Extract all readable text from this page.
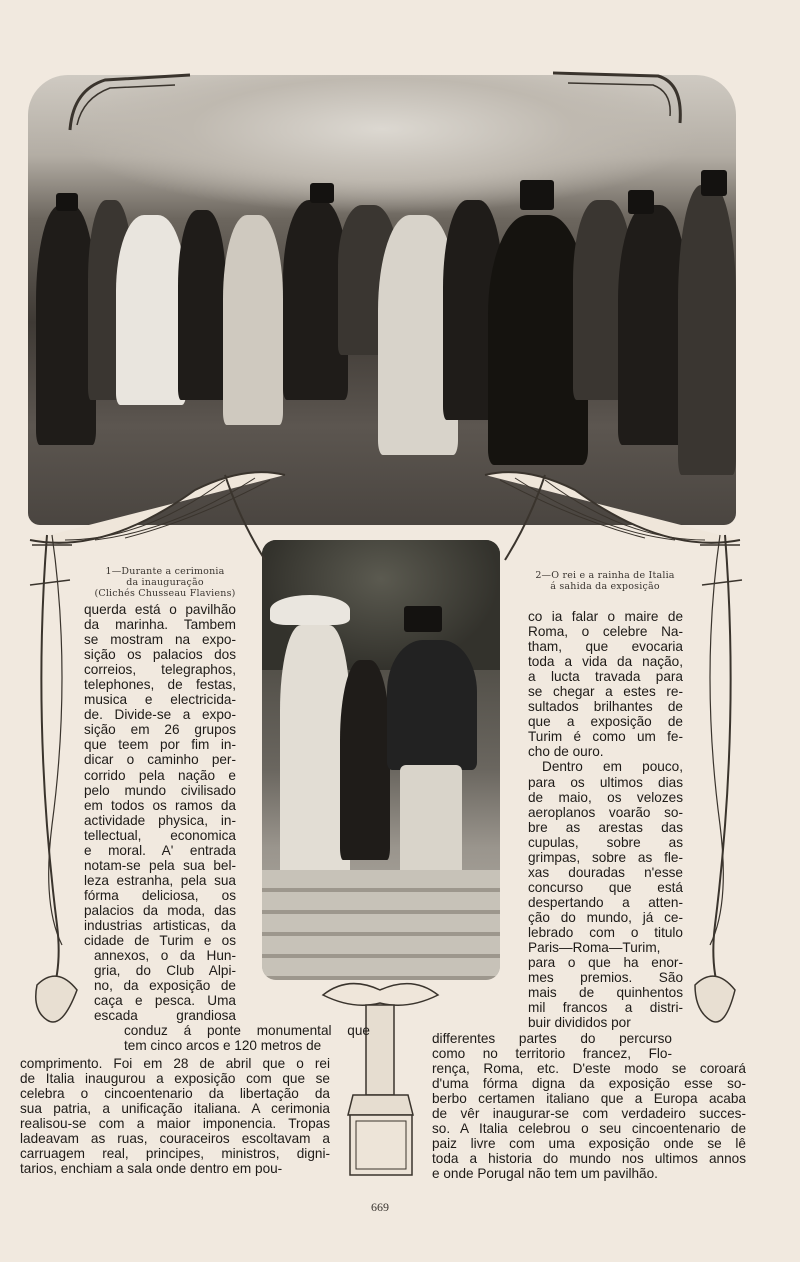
1—Durante a cerimonia
da inauguração
(Clichés Chusseau Flaviens)
2—O rei e a rainha de Italia
á sahida da exposição
querda está o pavilhão
da marinha. Tambem
se mostram na expo-
sição os palacios dos
correios, telegraphos,
telephones, de festas,
musica e electricida-
de. Divide-se a expo-
sição em 26 grupos
que teem por fim in-
dicar o caminho per-
corrido pela nação e
pelo mundo civilisado
em todos os ramos da
actividade physica, in-
tellectual, economica
e moral. A' entrada
notam-se pela sua bel-
leza estranha, pela sua
fórma deliciosa, os
palacios da moda, das
industrias artisticas, da
cidade de Turim e os
annexos, o da Hun-
gria, do Club Alpi-
no, da exposição de
caça e pesca. Uma
escada grandiosa
conduz á ponte monumental que
tem cinco arcos e 120 metros de
comprimento. Foi em 28 de abril que o rei
de Italia inaugurou a exposição com que se
celebra o cincoentenario da libertação da
sua patria, a unificação italiana. A cerimonia
realisou-se com a maior imponencia. Tropas
ladeavam as ruas, couraceiros escoltavam a
carruagem real, principes, ministros, digni-
tarios, enchiam a sala onde dentro em pou-
co ia falar o maire de
Roma, o celebre Na-
tham, que evocaria
toda a vida da nação,
a lucta travada para
se chegar a estes re-
sultados brilhantes de
que a exposição de
Turim é como um fe-
cho de ouro.
Dentro em pouco,
para os ultimos dias
de maio, os velozes
aeroplanos voarão so-
bre as arestas das
cupulas, sobre as
grimpas, sobre as fle-
xas douradas n'esse
concurso que está
despertando a atten-
ção do mundo, já ce-
lebrado com o titulo
Paris—Roma—Turim,
para o que ha enor-
mes premios. São
mais de quinhentos
mil francos a distri-
buir divididos por
differentes partes do percurso
como no territorio francez, Flo-
rença, Roma, etc. D'este modo se coroará
d'uma fórma digna da exposição esse so-
berbo certamen italiano que a Europa acaba
de vêr inaugurar-se com verdadeiro succes-
so. A Italia celebrou o seu cincoentenario de
paiz livre com uma exposição onde se lê
toda a historia do mundo nos ultimos annos
e onde Porugal não tem um pavilhão.
669
